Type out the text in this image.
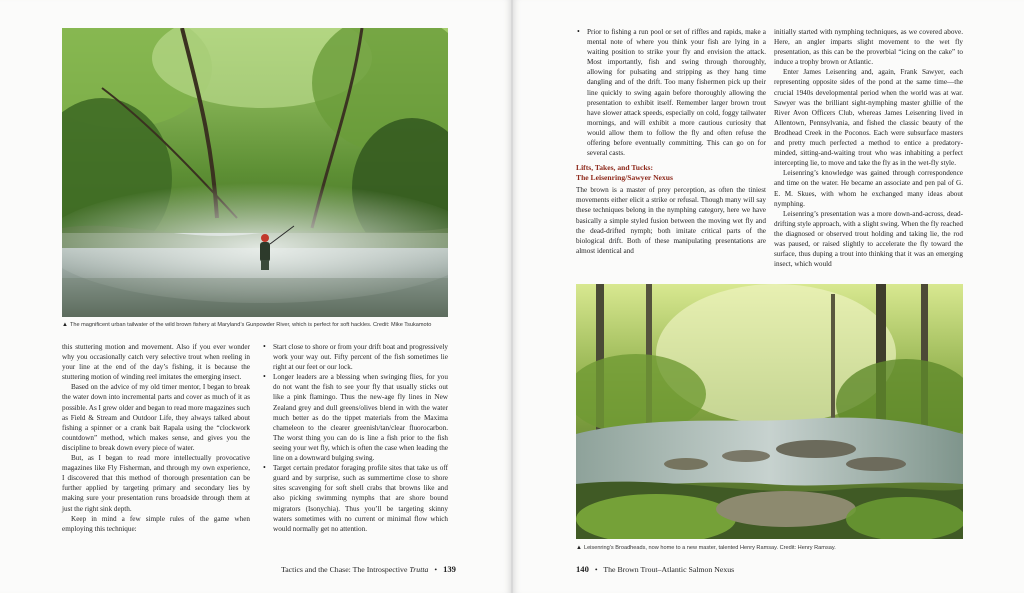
▲ The magnificent urban tailwater of the wild brown fishery at Maryland’s Gunpowder River, which is perfect for soft hackles. Credit: Mike Tsukamoto

this stuttering motion and movement. Also if you ever wonder why you occasionally catch very selective trout when reeling in your line at the end of the day’s fishing, it is because the stuttering motion of winding reel imitates the emerging insect.

Based on the advice of my old timer mentor, I began to break the water down into incremental parts and cover as much of it as possible. As I grew older and began to read more magazines such as Field & Stream and Outdoor Life, they always talked about fishing a spinner or a crank bait Rapala using the “clockwork countdown” method, which makes sense, and gives you the discipline to break down every piece of water.

But, as I began to read more intellectually provocative magazines like Fly Fisherman, and through my own experience, I discovered that this method of thorough presentation can be further applied by targeting primary and secondary lies by making sure your presentation runs broadside through them at just the right sink depth.

Keep in mind a few simple rules of the game when employing this technique:

• Start close to shore or from your drift boat and progressively work your way out. Fifty percent of the fish sometimes lie right at our feet or our lock.
• Longer leaders are a blessing when swinging flies, for you do not want the fish to see your fly that usually sticks out like a pink flamingo. Thus the new-age fly lines in New Zealand grey and dull greens/olives blend in with the water much better as do the tippet materials from the Maxima chameleon to the clearer greenish/tan/clear fluorocarbon. The worst thing you can do is line a fish prior to the fish seeing your wet fly, which is often the case when leading the line on a downward bulging swing.
• Target certain predator foraging profile sites that take us off guard and by surprise, such as summertime close to shore sites scavenging for soft shell crabs that browns like and also picking swimming nymphs that are shore bound migrators (Isonychia). Thus you’ll be targeting skinny waters sometimes with no current or minimal flow which would normally get no attention.
Tactics and the Chase: The Introspective Trutta • 139
• Prior to fishing a run pool or set of riffles and rapids, make a mental note of where you think your fish are lying in a waiting position to strike your fly and envision the attack. Most importantly, fish and swing through thoroughly, allowing for pulsating and stripping as they hang time dangling and of the drift. Too many fishermen pick up their line quickly to swing again before thoroughly allowing the presentation to exhibit itself. Remember larger brown trout have slower attack speeds, especially on cold, foggy tailwater mornings, and will exhibit a more cautious curiosity that would allow them to follow the fly and often refuse the offering before eventually committing. This can go on for several casts.
Lifts, Takes, and Tucks:
The Leisenring/Sawyer Nexus

The brown is a master of prey perception, as often the tiniest movements either elicit a strike or refusal. Though many will say these techniques belong in the nymphing category, here we have basically a simple styled fusion between the moving wet fly and the dead-drifted nymph; both imitate critical parts of the biological drift. Both of these manipulating presentations are almost identical and

initially started with nymphing techniques, as we covered above. Here, an angler imparts slight movement to the wet fly presentation, as this can be the proverbial “icing on the cake” to induce a trophy brown or Atlantic.

Enter James Leisenring and, again, Frank Sawyer, each representing opposite sides of the pond at the same time—the crucial 1940s developmental period when the world was at war. Sawyer was the brilliant sight-nymphing master ghillie of the River Avon Officers Club, whereas James Leisenring lived in Allentown, Pennsylvania, and fished the classic beauty of the Brodhead Creek in the Poconos. Each were subsurface masters and pretty much perfected a method to entice a predatory-minded, sitting-and-waiting trout who was inhabiting a perfect intercepting lie, to move and take the fly as in the wet-fly style.

Leisenring’s knowledge was gained through correspondence and time on the water. He became an associate and pen pal of G. E. M. Skues, with whom he exchanged many ideas about nymphing.

Leisenring’s presentation was a more down-and-across, dead-drifting style approach, with a slight swing. When the fly reached the diagnosed or observed trout holding and taking lie, the rod was paused, or raised slightly to accelerate the fly toward the surface, thus duping a trout into thinking that it was an emerging insect, which would

▲ Leisenring’s Broadheads, now home to a new master, talented Henry Ramsay. Credit: Henry Ramsay.
140 • The Brown Trout–Atlantic Salmon Nexus
